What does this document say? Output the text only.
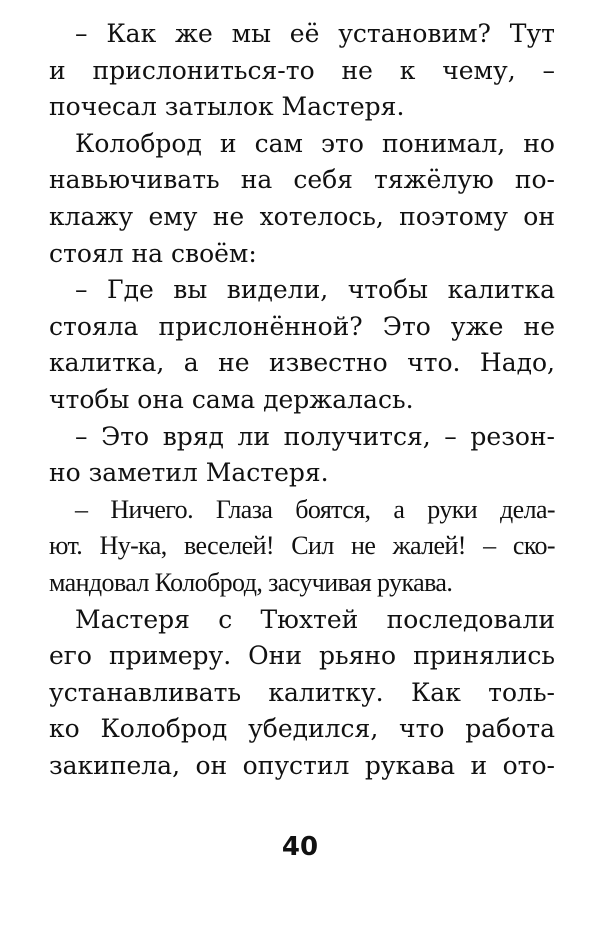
– Как же мы её установим? Тут
и прислониться-то не к чему, –
почесал затылок Мастеря.
Колоброд и сам это понимал, но
навьючивать на себя тяжёлую по-
клажу ему не хотелось, поэтому он
стоял на своём:
– Где вы видели, чтобы калитка
стояла прислонённой? Это уже не
калитка, а не известно что. Надо,
чтобы она сама держалась.
– Это вряд ли получится, – резон-
но заметил Мастеря.
– Ничего. Глаза боятся, а руки дела-
ют. Ну-ка, веселей! Сил не жалей! – ско-
мандовал Колоброд, засучивая рукава.
Мастеря с Тюхтей последовали
его примеру. Они рьяно принялись
устанавливать калитку. Как толь-
ко Колоброд убедился, что работа
закипела, он опустил рукава и ото-
40
